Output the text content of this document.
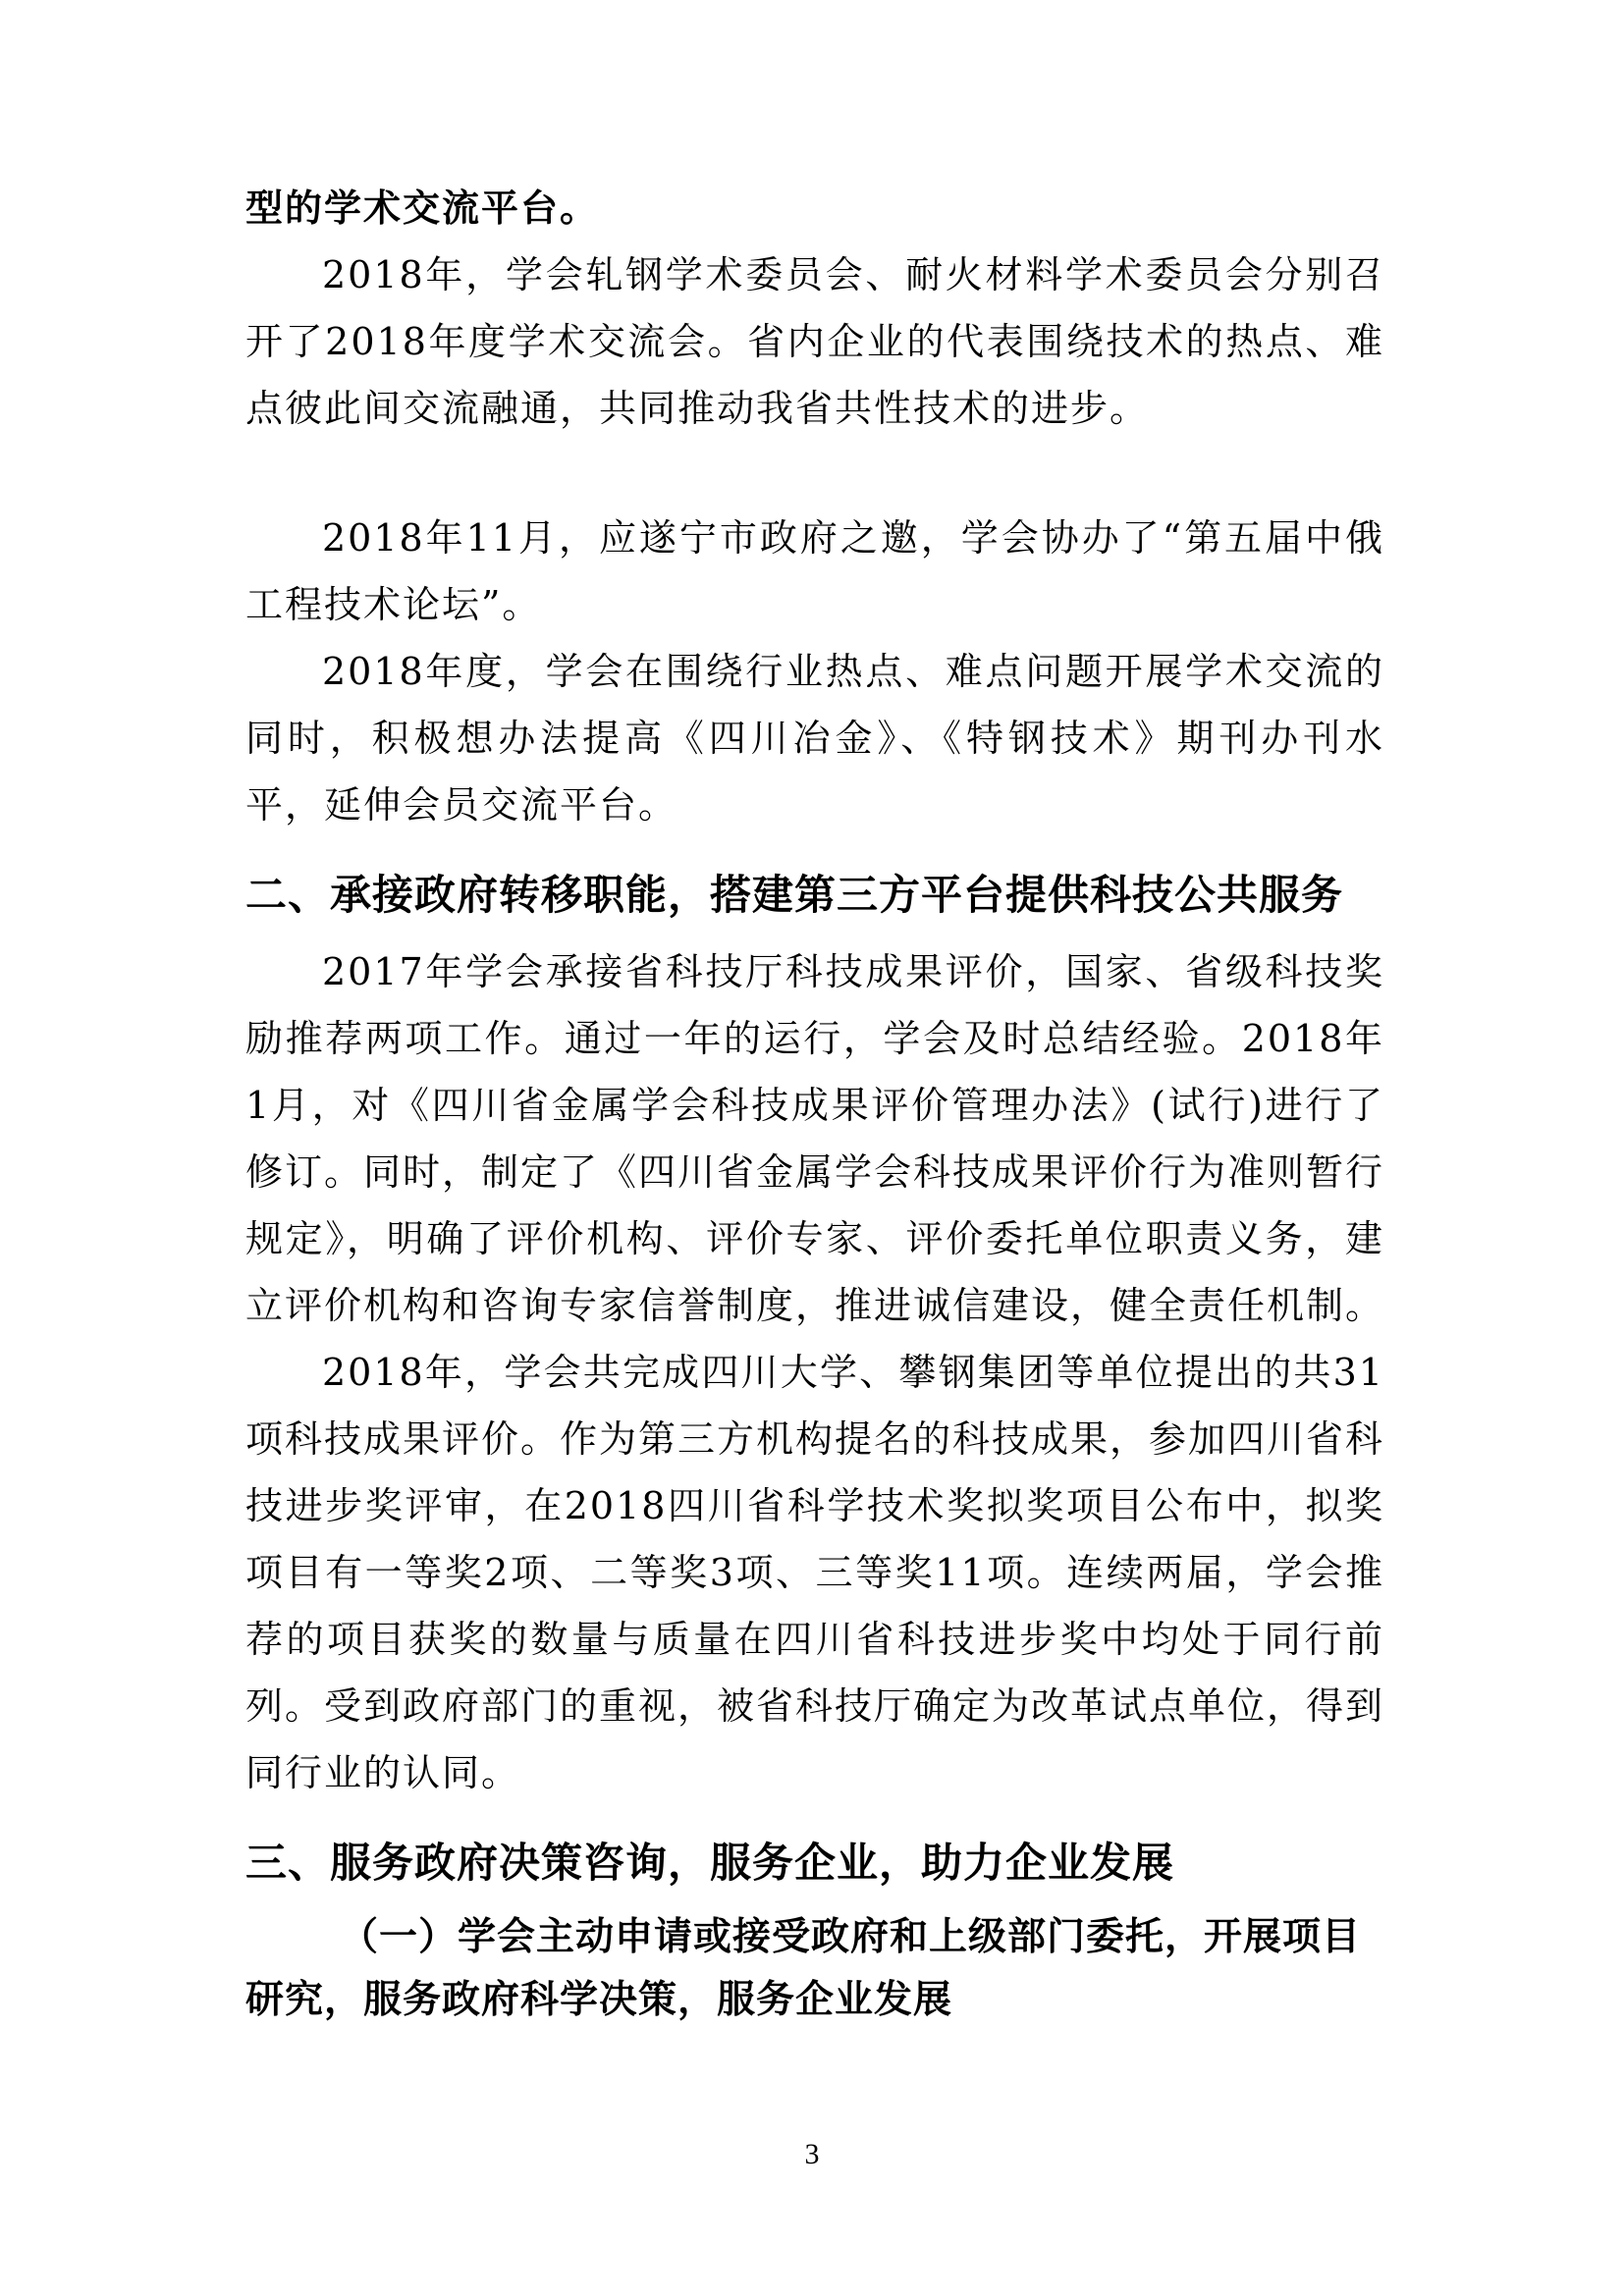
型的学术交流平台。

2018年，学会轧钢学术委员会、耐火材料学术委员会分别召开了2018年度学术交流会。省内企业的代表围绕技术的热点、难点彼此间交流融通，共同推动我省共性技术的进步。

2018年11月，应遂宁市政府之邀，学会协办了“第五届中俄工程技术论坛”。

2018年度，学会在围绕行业热点、难点问题开展学术交流的同时，积极想办法提高《四川冶金》、《特钢技术》期刊办刊水平，延伸会员交流平台。

二、承接政府转移职能，搭建第三方平台提供科技公共服务

2017年学会承接省科技厅科技成果评价，国家、省级科技奖励推荐两项工作。通过一年的运行，学会及时总结经验。2018年1月，对《四川省金属学会科技成果评价管理办法》(试行)进行了修订。同时，制定了《四川省金属学会科技成果评价行为准则暂行规定》，明确了评价机构、评价专家、评价委托单位职责义务，建立评价机构和咨询专家信誉制度，推进诚信建设，健全责任机制。

2018年，学会共完成四川大学、攀钢集团等单位提出的共31项科技成果评价。作为第三方机构提名的科技成果，参加四川省科技进步奖评审，在2018四川省科学技术奖拟奖项目公布中，拟奖项目有一等奖2项、二等奖3项、三等奖11项。连续两届，学会推荐的项目获奖的数量与质量在四川省科技进步奖中均处于同行前列。受到政府部门的重视，被省科技厅确定为改革试点单位，得到同行业的认同。

三、服务政府决策咨询，服务企业，助力企业发展

（一）学会主动申请或接受政府和上级部门委托，开展项目研究，服务政府科学决策，服务企业发展

3
